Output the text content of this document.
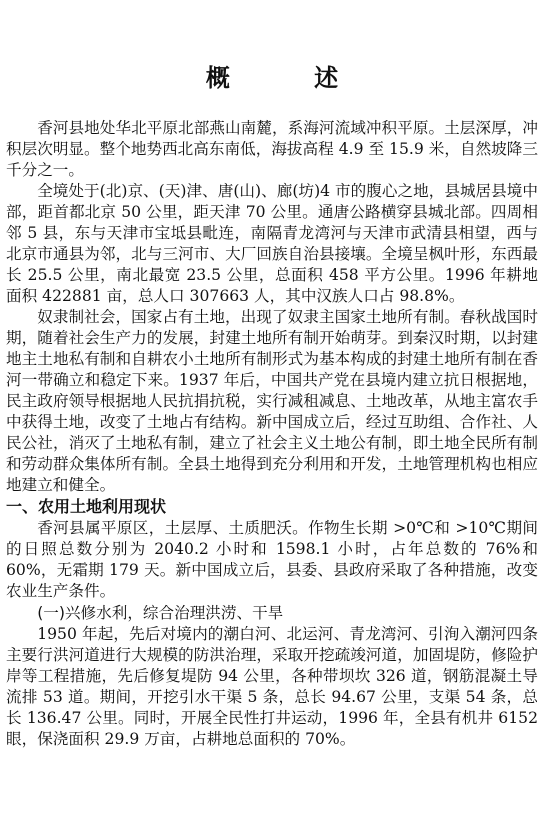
概 述

香河县地处华北平原北部燕山南麓，系海河流域冲积平原。土层深厚，冲积层次明显。整个地势西北高东南低，海拔高程 4.9 至 15.9 米，自然坡降三千分之一。

全境处于(北)京、(天)津、唐(山)、廊(坊)4 市的腹心之地，县城居县境中部，距首都北京 50 公里，距天津 70 公里。通唐公路横穿县城北部。四周相邻 5 县，东与天津市宝坻县毗连，南隔青龙湾河与天津市武清县相望，西与北京市通县为邻，北与三河市、大厂回族自治县接壤。全境呈枫叶形，东西最长 25.5 公里，南北最宽 23.5 公里，总面积 458 平方公里。1996 年耕地面积 422881 亩，总人口 307663 人，其中汉族人口占 98.8%。

奴隶制社会，国家占有土地，出现了奴隶主国家土地所有制。春秋战国时期，随着社会生产力的发展，封建土地所有制开始萌芽。到秦汉时期，以封建地主土地私有制和自耕农小土地所有制形式为基本构成的封建土地所有制在香河一带确立和稳定下来。1937 年后，中国共产党在县境内建立抗日根据地，民主政府领导根据地人民抗捐抗税，实行减租减息、土地改革，从地主富农手中获得土地，改变了土地占有结构。新中国成立后，经过互助组、合作社、人民公社，消灭了土地私有制，建立了社会主义土地公有制，即土地全民所有制和劳动群众集体所有制。全县土地得到充分利用和开发，土地管理机构也相应地建立和健全。

一、农用土地利用现状

香河县属平原区，土层厚、土质肥沃。作物生长期 >0℃和 >10℃期间的日照总数分别为 2040.2 小时和 1598.1 小时，占年总数的 76%和 60%，无霜期 179 天。新中国成立后，县委、县政府采取了各种措施，改变农业生产条件。

(一)兴修水利，综合治理洪涝、干旱

1950 年起，先后对境内的潮白河、北运河、青龙湾河、引洵入潮河四条主要行洪河道进行大规模的防洪治理，采取开挖疏竣河道，加固堤防，修险护岸等工程措施，先后修复堤防 94 公里，各种带坝坎 326 道，钢筋混凝土导流排 53 道。期间，开挖引水干渠 5 条，总长 94.67 公里，支渠 54 条，总长 136.47 公里。同时，开展全民性打井运动，1996 年，全县有机井 6152 眼，保浇面积 29.9 万亩，占耕地总面积的 70%。
